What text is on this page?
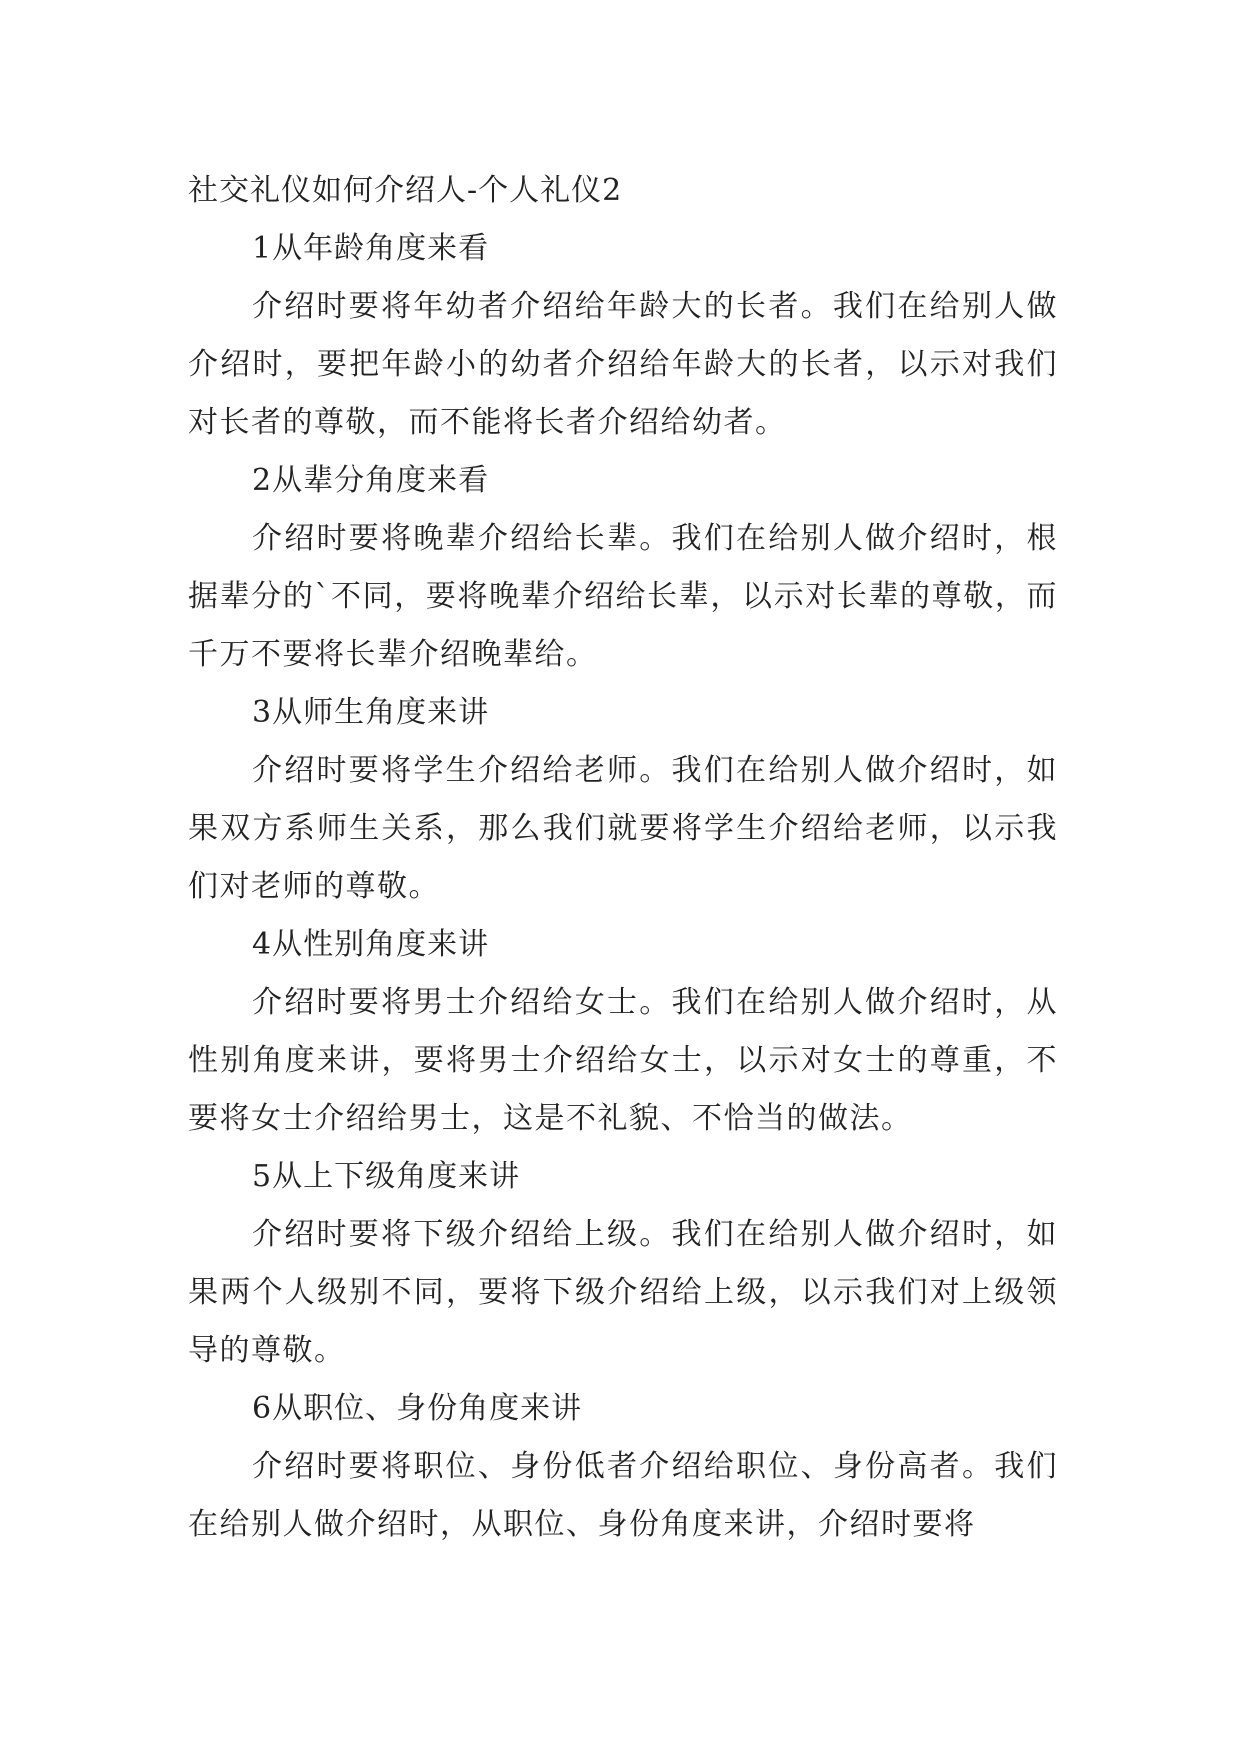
社交礼仪如何介绍人-个人礼仪2

1从年龄角度来看

介绍时要将年幼者介绍给年龄大的长者。我们在给别人做介绍时，要把年龄小的幼者介绍给年龄大的长者，以示对我们对长者的尊敬，而不能将长者介绍给幼者。

2从辈分角度来看

介绍时要将晚辈介绍给长辈。我们在给别人做介绍时，根据辈分的`不同，要将晚辈介绍给长辈，以示对长辈的尊敬，而千万不要将长辈介绍晚辈给。

3从师生角度来讲

介绍时要将学生介绍给老师。我们在给别人做介绍时，如果双方系师生关系，那么我们就要将学生介绍给老师，以示我们对老师的尊敬。

4从性别角度来讲

介绍时要将男士介绍给女士。我们在给别人做介绍时，从性别角度来讲，要将男士介绍给女士，以示对女士的尊重，不要将女士介绍给男士，这是不礼貌、不恰当的做法。

5从上下级角度来讲

介绍时要将下级介绍给上级。我们在给别人做介绍时，如果两个人级别不同，要将下级介绍给上级，以示我们对上级领导的尊敬。

6从职位、身份角度来讲

介绍时要将职位、身份低者介绍给职位、身份高者。我们在给别人做介绍时，从职位、身份角度来讲，介绍时要将
